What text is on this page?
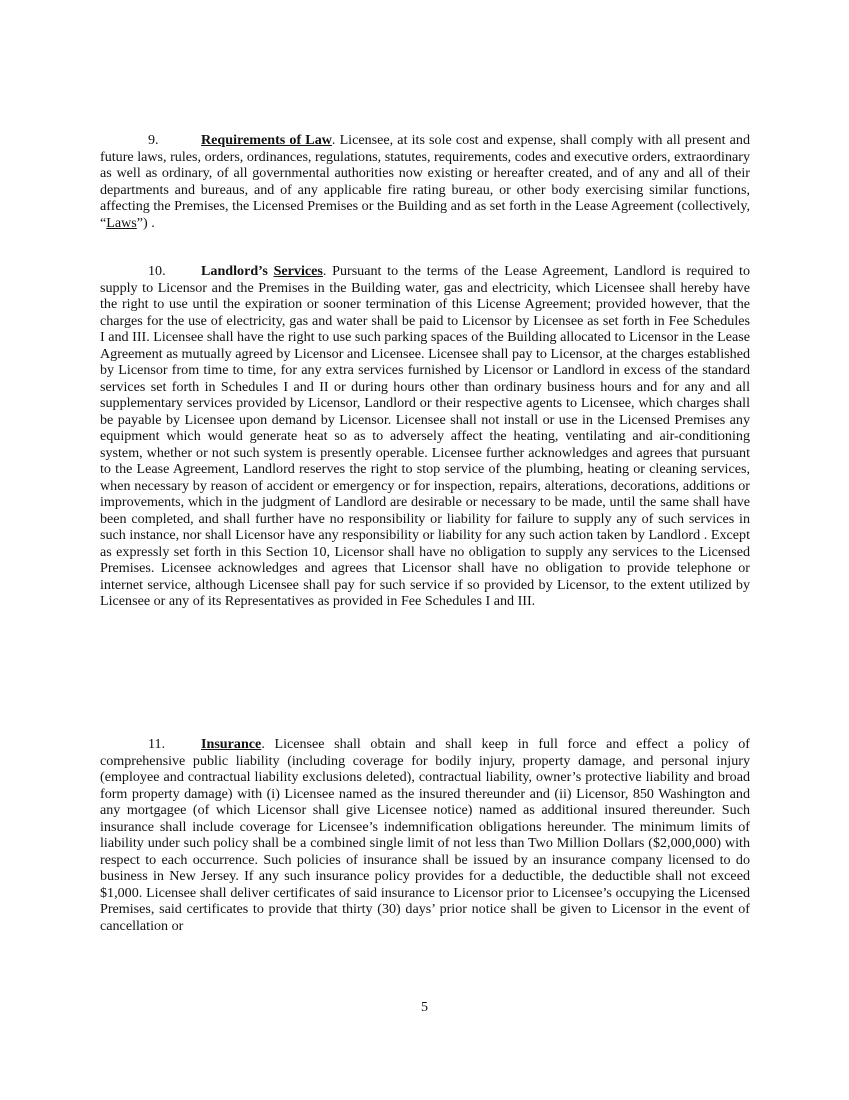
9.	Requirements of Law. Licensee, at its sole cost and expense, shall comply with all present and future laws, rules, orders, ordinances, regulations, statutes, requirements, codes and executive orders, extraordinary as well as ordinary, of all governmental authorities now existing or hereafter created, and of any and all of their departments and bureaus, and of any applicable fire rating bureau, or other body exercising similar functions, affecting the Premises, the Licensed Premises or the Building and as set forth in the Lease Agreement (collectively, “Laws”) .

10.	Landlord’s Services. Pursuant to the terms of the Lease Agreement, Landlord is required to supply to Licensor and the Premises in the Building water, gas and electricity, which Licensee shall hereby have the right to use until the expiration or sooner termination of this License Agreement; provided however, that the charges for the use of electricity, gas and water shall be paid to Licensor by Licensee as set forth in Fee Schedules I and III. Licensee shall have the right to use such parking spaces of the Building allocated to Licensor in the Lease Agreement as mutually agreed by Licensor and Licensee. Licensee shall pay to Licensor, at the charges established by Licensor from time to time, for any extra services furnished by Licensor or Landlord in excess of the standard services set forth in Schedules I and II or during hours other than ordinary business hours and for any and all supplementary services provided by Licensor, Landlord or their respective agents to Licensee, which charges shall be payable by Licensee upon demand by Licensor. Licensee shall not install or use in the Licensed Premises any equipment which would generate heat so as to adversely affect the heating, ventilating and air-conditioning system, whether or not such system is presently operable. Licensee further acknowledges and agrees that pursuant to the Lease Agreement, Landlord reserves the right to stop service of the plumbing, heating or cleaning services, when necessary by reason of accident or emergency or for inspection, repairs, alterations, decorations, additions or improvements, which in the judgment of Landlord are desirable or necessary to be made, until the same shall have been completed, and shall further have no responsibility or liability for failure to supply any of such services in such instance, nor shall Licensor have any responsibility or liability for any such action taken by Landlord . Except as expressly set forth in this Section 10, Licensor shall have no obligation to supply any services to the Licensed Premises. Licensee acknowledges and agrees that Licensor shall have no obligation to provide telephone or internet service, although Licensee shall pay for such service if so provided by Licensor, to the extent utilized by Licensee or any of its Representatives as provided in Fee Schedules I and III.

11.	Insurance. Licensee shall obtain and shall keep in full force and effect a policy of comprehensive public liability (including coverage for bodily injury, property damage, and personal injury (employee and contractual liability exclusions deleted), contractual liability, owner’s protective liability and broad form property damage) with (i) Licensee named as the insured thereunder and (ii) Licensor, 850 Washington and any mortgagee (of which Licensor shall give Licensee notice) named as additional insured thereunder. Such insurance shall include coverage for Licensee’s indemnification obligations hereunder. The minimum limits of liability under such policy shall be a combined single limit of not less than Two Million Dollars ($2,000,000) with respect to each occurrence. Such policies of insurance shall be issued by an insurance company licensed to do business in New Jersey. If any such insurance policy provides for a deductible, the deductible shall not exceed $1,000. Licensee shall deliver certificates of said insurance to Licensor prior to Licensee’s occupying the Licensed Premises, said certificates to provide that thirty (30) days’ prior notice shall be given to Licensor in the event of cancellation or

5
